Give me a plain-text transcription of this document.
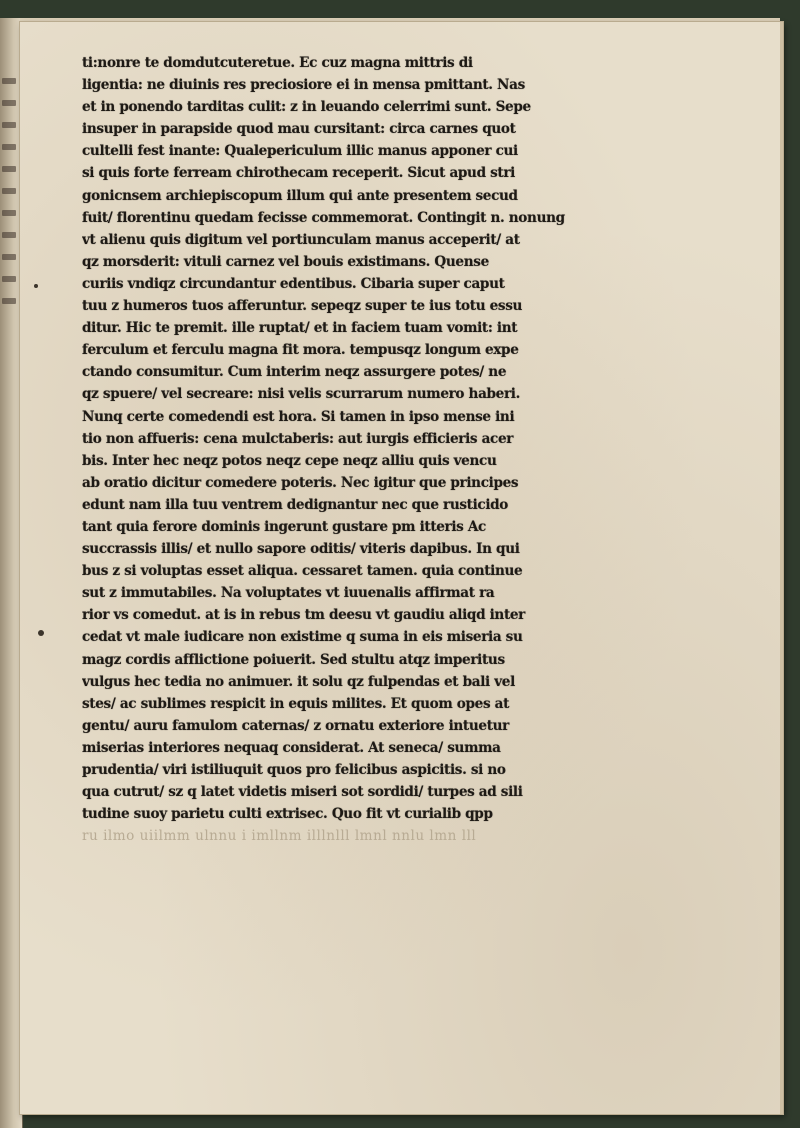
ti:nonre te domdutcuteretue. Ec cuz magna mittris di
ligentia: ne diuinis res preciosiore ei in mensa pmittant. Nas
et in ponendo tarditas culit: z in leuando celerrimi sunt. Sepe
insuper in parapside quod mau cursitant: circa carnes quot
cultelli fest inante: Qualepericulum illic manus apponer cui
si quis forte ferream chirothecam receperit. Sicut apud stri
gonicnsem archiepiscopum illum qui ante presentem secud
fuit/ florentinu quedam fecisse commemorat. Contingit n. nonung
vt alienu quis digitum vel portiunculam manus acceperit/ at
qz morsderit: vituli carnez vel bouis existimans. Quense
curiis vndiqz circundantur edentibus. Cibaria super caput
tuu z humeros tuos afferuntur. sepeqz super te ius totu essu
ditur. Hic te premit. ille ruptat/ et in faciem tuam vomit: int
ferculum et ferculu magna fit mora. tempusqz longum expe
ctando consumitur. Cum interim neqz assurgere potes/ ne
qz spuere/ vel secreare: nisi velis scurrarum numero haberi.
Nunq certe comedendi est hora. Si tamen in ipso mense ini
tio non affueris: cena mulctaberis: aut iurgis efficieris acer
bis. Inter hec neqz potos neqz cepe neqz alliu quis vencu
ab oratio dicitur comedere poteris. Nec igitur que principes
edunt nam illa tuu ventrem dedignantur nec que rusticido
tant quia ferore dominis ingerunt gustare pm itteris Ac
succrassis illis/ et nullo sapore oditis/ viteris dapibus. In qui
bus z si voluptas esset aliqua. cessaret tamen. quia continue
sut z immutabiles. Na voluptates vt iuuenalis affirmat ra
rior vs comedut. at is in rebus tm deesu vt gaudiu aliqd inter
cedat vt male iudicare non existime q suma in eis miseria su
magz cordis afflictione poiuerit. Sed stultu atqz imperitus
vulgus hec tedia no animuer. it solu qz fulpendas et bali vel
stes/ ac sublimes respicit in equis milites. Et quom opes at
gentu/ auru famulom caternas/ z ornatu exteriore intuetur
miserias interiores nequaq considerat. At seneca/ summa
prudentia/ viri istiliuquit quos pro felicibus aspicitis. si no
qua cutrut/ sz q latet videtis miseri sot sordidi/ turpes ad sili
tudine suoy parietu culti extrisec. Quo fit vt curialib qpp
ru ilmo uiilmm ulnnu i imllnm illlnlll lmnl nnlu lmn lll
